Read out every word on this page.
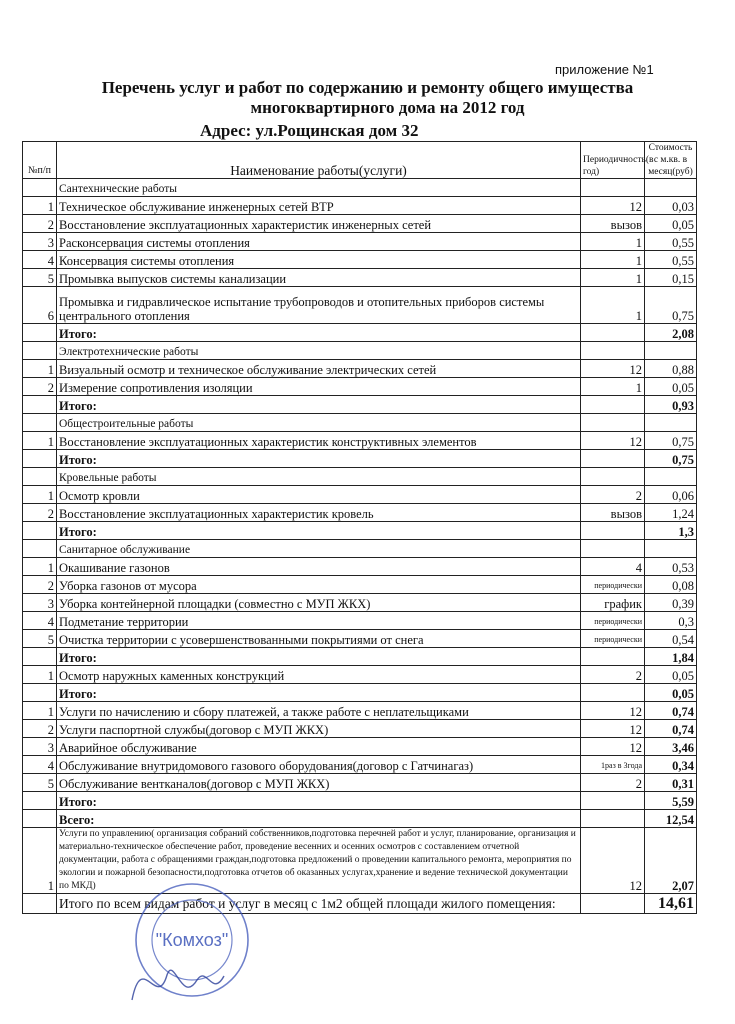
приложение №1
Перечень услуг и работ по содержанию и ремонту общего имущества
многоквартирного дома на 2012 год
Адрес: ул.Рощинская дом 32
№п/п	Наименование работы(услуги)	Периодичность(в год)	Стоимость с м.кв. в месяц(руб)
	Сантехнические работы		
1	Техническое обслуживание инженерных сетей ВТР	12	0,03
2	Восстановление эксплуатационных характеристик инженерных сетей	вызов	0,05
3	Расконсервация системы отопления	1	0,55
4	Консервация системы отопления	1	0,55
5	Промывка выпусков системы канализации	1	0,15
6	Промывка и гидравлическое испытание трубопроводов и отопительных приборов системы центрального отопления	1	0,75
	Итого:		2,08
	Электротехнические работы		
1	Визуальный осмотр и техническое обслуживание электрических сетей	12	0,88
2	Измерение сопротивления изоляции	1	0,05
	Итого:		0,93
	Общестроительные работы		
1	Восстановление эксплуатационных характеристик конструктивных элементов	12	0,75
	Итого:		0,75
	Кровельные работы		
1	Осмотр кровли	2	0,06
2	Восстановление эксплуатационных характеристик кровель	вызов	1,24
	Итого:		1,3
	Санитарное обслуживание		
1	Окашивание газонов	4	0,53
2	Уборка газонов от мусора	периодически	0,08
3	Уборка контейнерной площадки (совместно с МУП ЖКХ)	график	0,39
4	Подметание территории	периодически	0,3
5	Очистка территории с усовершенствованными покрытиями от снега	периодически	0,54
	Итого:		1,84
1	Осмотр наружных каменных конструкций	2	0,05
	Итого:		0,05
1	Услуги по начислению и сбору платежей, а также работе с неплательщиками	12	0,74
2	Услуги паспортной службы(договор с МУП ЖКХ)	12	0,74
3	Аварийное обслуживание	12	3,46
4	Обслуживание внутридомового газового оборудования(договор с Гатчинагаз)	1раз в 3года	0,34
5	Обслуживание вентканалов(договор с МУП ЖКХ)	2	0,31
	Итого:		5,59
	Всего:		12,54
1	Услуги по управлению( организация собраний собственников,подготовка перечней работ и услуг, планирование, организация и материально-техническое обеспечение работ, проведение весенних и осенних осмотров с составлением отчетной документации, работа с обращениями граждан,подготовка предложений о проведении капитального ремонта, мероприятия по экологии и пожарной безопасности,подготовка отчетов об оказанных услугах,хранение и ведение технической документации по МКД)	12	2,07
	Итого по всем видам работ и услуг в месяц с 1м2 общей площади жилого помещения:		14,61
"Комхоз"
